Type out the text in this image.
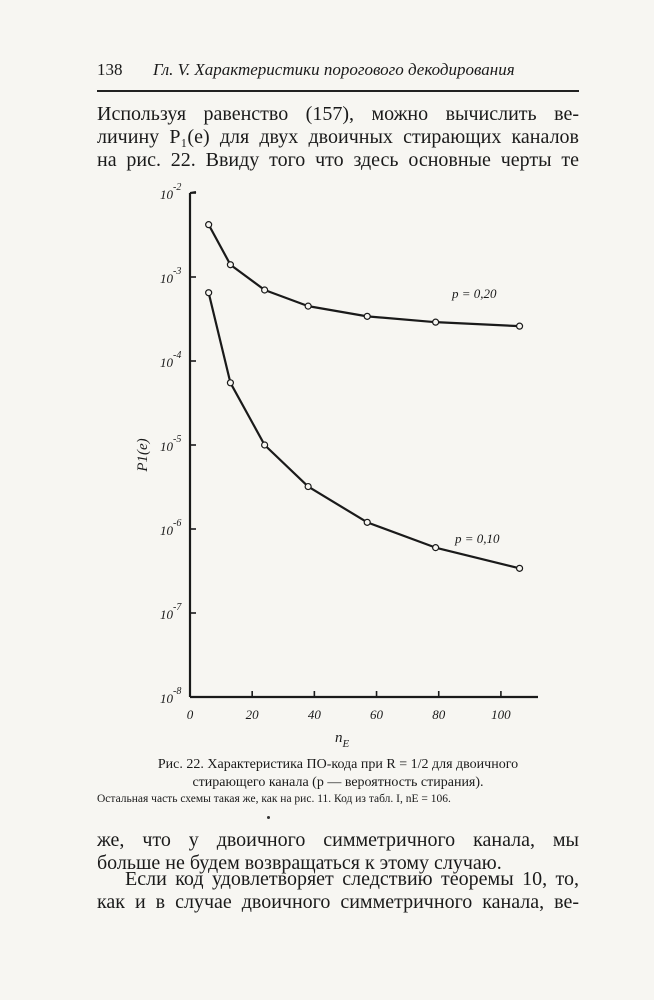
138 Гл. V. Характеристики порогового декодирования
Используя равенство (157), можно вычислить ве-
личину P₁(e) для двух двоичных стирающих каналов
на рис. 22. Ввиду того что здесь основные черты те
$10^{-2}$
$10^{-3}$
$10^{-4}$
$10^{-5}$
$10^{-6}$
$10^{-7}$
$10^{-8}$
0	20	40	60	80	100
$n_E$
P1(e)
p = 0,20
p = 0,10
Рис. 22. Характеристика ПО-кода при R = 1/2 для двоичного
стирающего канала (p — вероятность стирания).
Остальная часть схемы такая же, как на рис. 11. Код из табл. I, nE = 106.
же, что у двоичного симметричного канала, мы
больше не будем возвращаться к этому случаю.
Если код удовлетворяет следствию теоремы 10, то,
как и в случае двоичного симметричного канала, ве-
